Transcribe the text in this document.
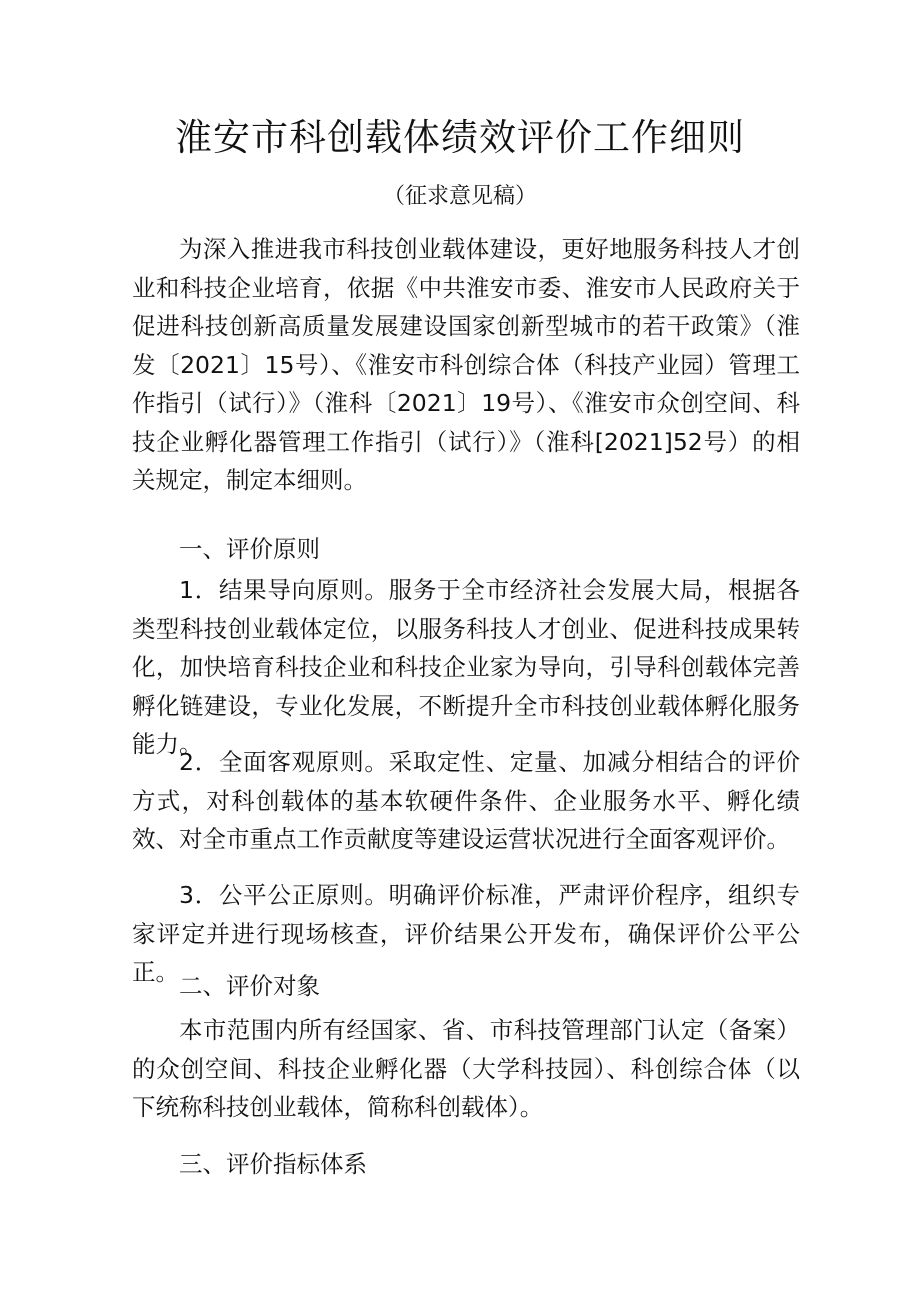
淮安市科创载体绩效评价工作细则

（征求意见稿）

为深入推进我市科技创业载体建设，更好地服务科技人才创业和科技企业培育，依据《中共淮安市委、淮安市人民政府关于促进科技创新高质量发展建设国家创新型城市的若干政策》（淮发〔2021〕15号）、《淮安市科创综合体（科技产业园）管理工作指引（试行）》（淮科〔2021〕19号）、《淮安市众创空间、科技企业孵化器管理工作指引（试行）》（淮科[2021]52号）的相关规定，制定本细则。

一、评价原则

1．结果导向原则。服务于全市经济社会发展大局，根据各类型科技创业载体定位，以服务科技人才创业、促进科技成果转化，加快培育科技企业和科技企业家为导向，引导科创载体完善孵化链建设，专业化发展，不断提升全市科技创业载体孵化服务能力。

2．全面客观原则。采取定性、定量、加减分相结合的评价方式，对科创载体的基本软硬件条件、企业服务水平、孵化绩效、对全市重点工作贡献度等建设运营状况进行全面客观评价。

3．公平公正原则。明确评价标准，严肃评价程序，组织专家评定并进行现场核查，评价结果公开发布，确保评价公平公正。 二、评价对象

本市范围内所有经国家、省、市科技管理部门认定（备案）的众创空间、科技企业孵化器（大学科技园）、科创综合体（以下统称科技创业载体，简称科创载体）。

三、评价指标体系
